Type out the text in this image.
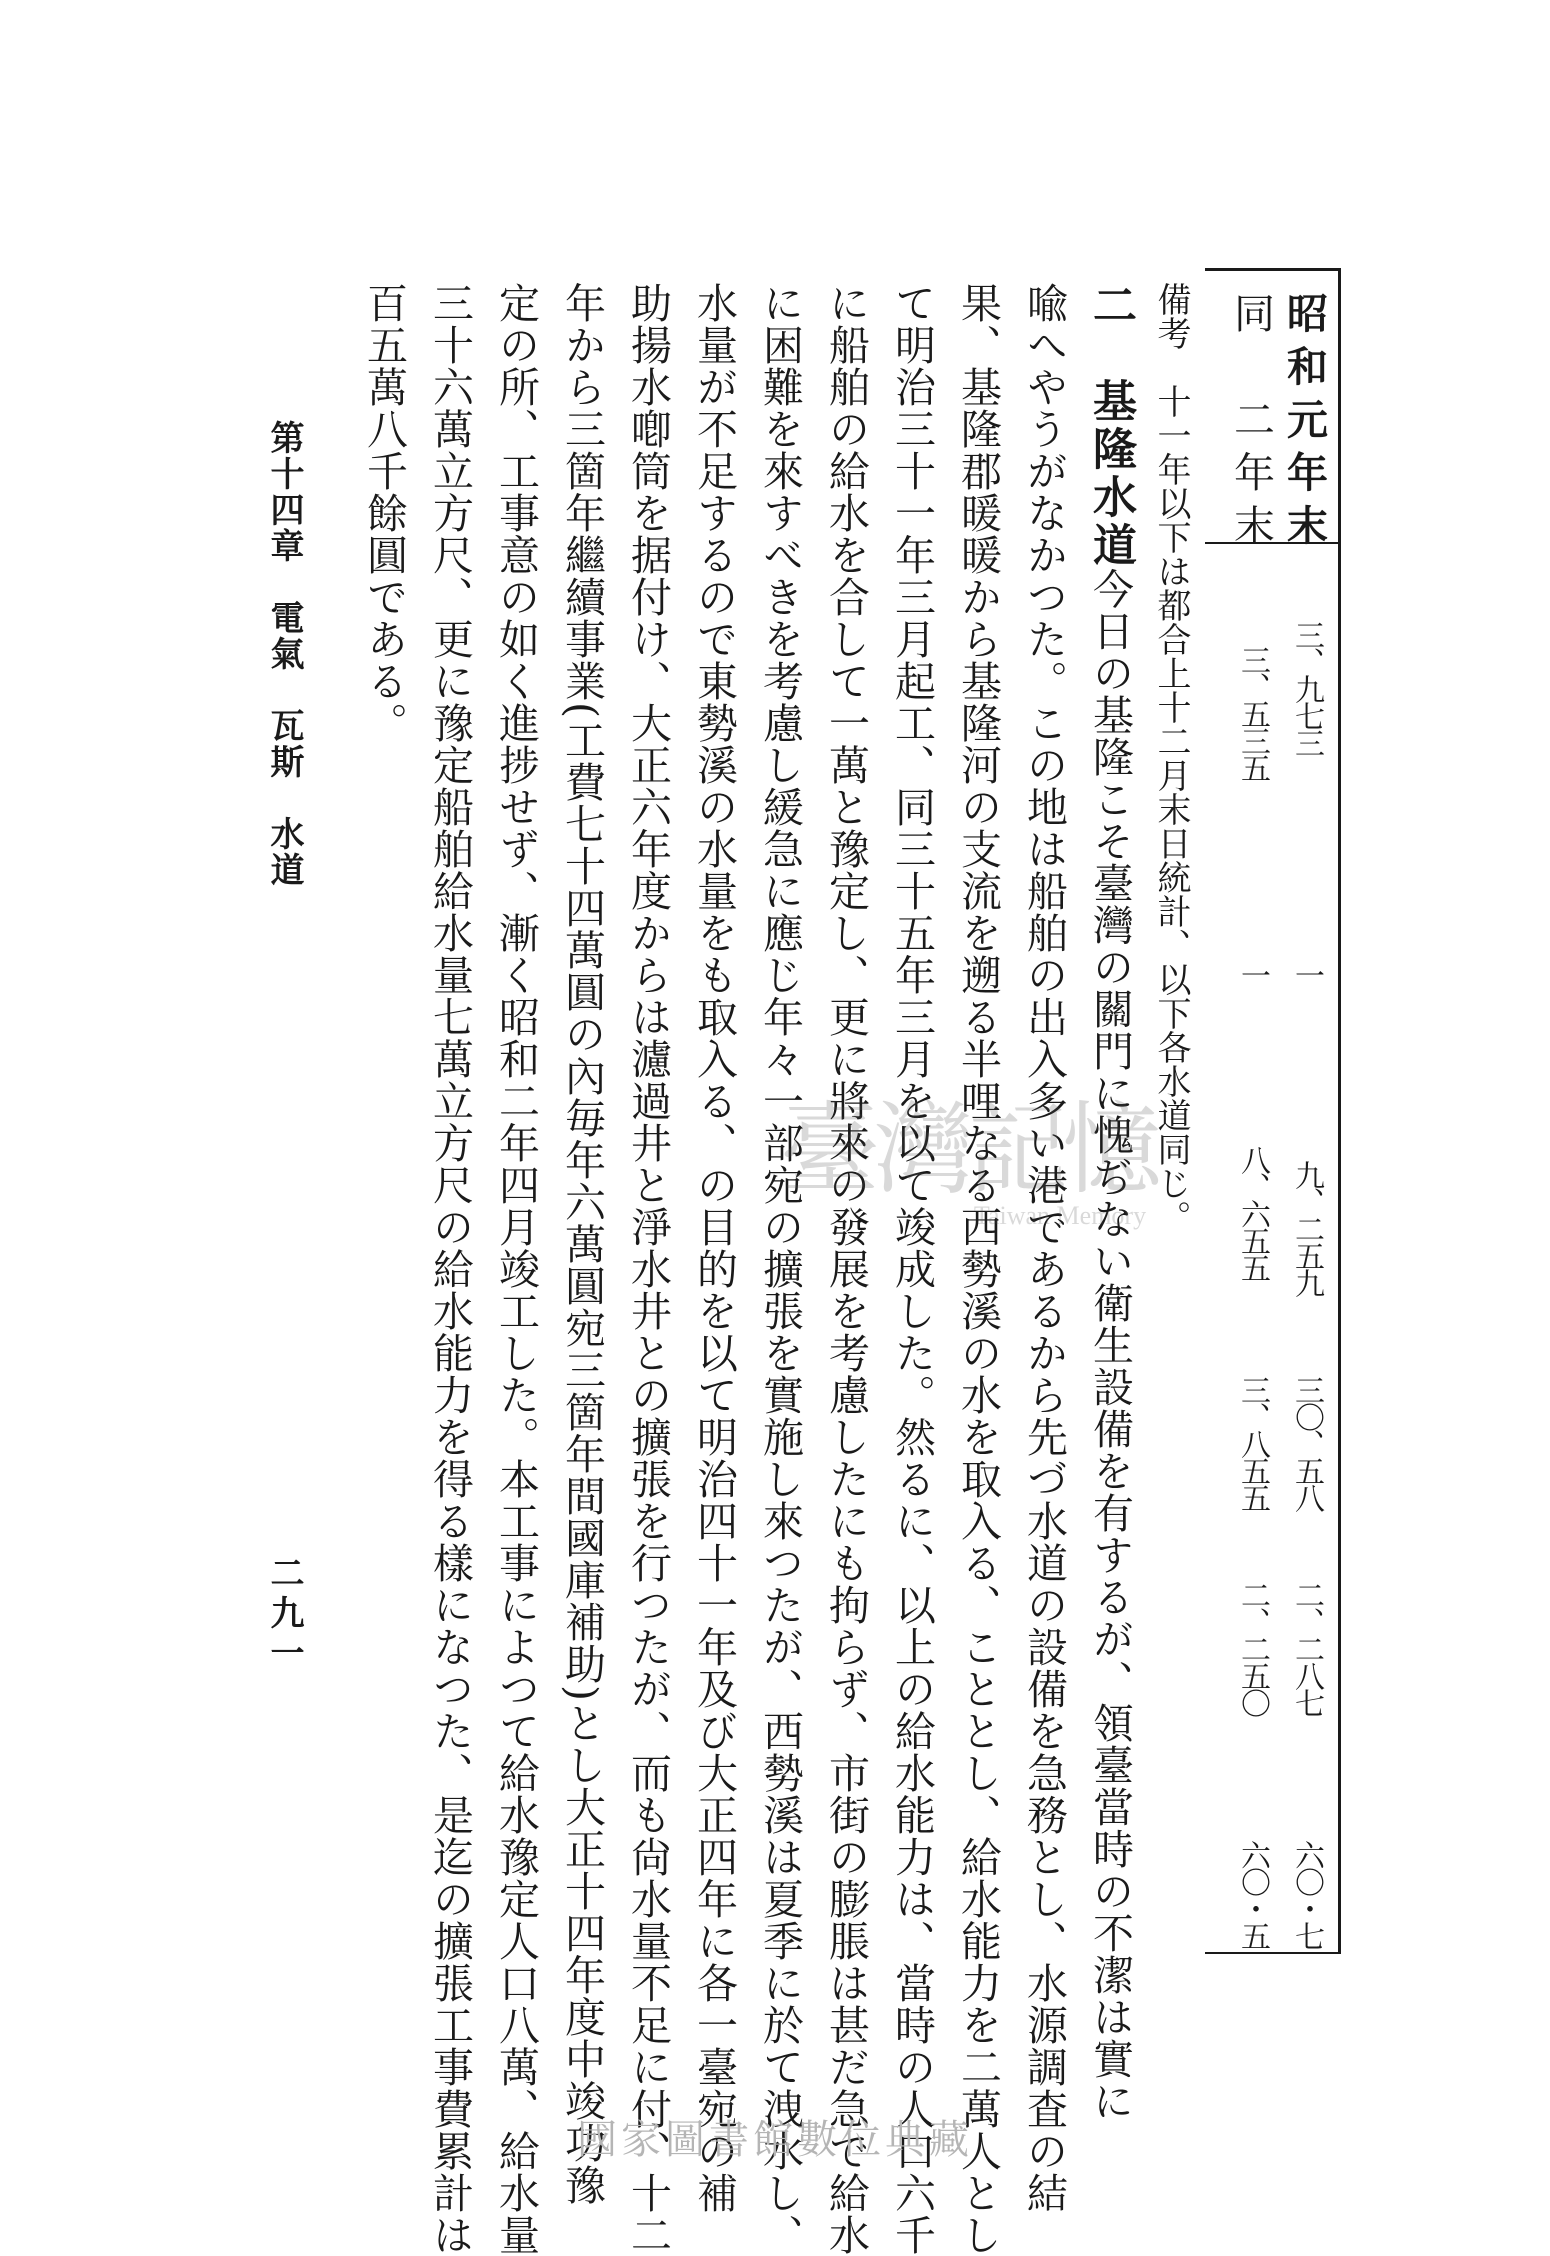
昭和元年末
同　二年末
三、九七三
三、五三五
一
一
九、二五九
八、六五五
三〇、五八
三、八五五
二、二八七
二、二五〇
六〇・七
六〇・五
備考　十一年以下は都合上十二月末日統計、以下各水道同じ。
二　基隆水道
今日の基隆こそ臺灣の關門に愧ぢない衛生設備を有するが、領臺當時の不潔は實に
喩へやうがなかつた。この地は船舶の出入多い港であるから先づ水道の設備を急務とし、水源調査の結
果、基隆郡暖暖から基隆河の支流を遡る半哩なる西勢溪の水を取入る、こととし、給水能力を二萬人とし
て明治三十一年三月起工、同三十五年三月を以て竣成した。然るに、以上の給水能力は、當時の人口六千
に船舶の給水を合して一萬と豫定し、更に將來の發展を考慮したにも拘らず、市街の膨脹は甚だ急で給水
に困難を來すべきを考慮し緩急に應じ年々一部宛の擴張を實施し來つたが、西勢溪は夏季に於て洩水し、
水量が不足するので東勢溪の水量をも取入る、の目的を以て明治四十一年及び大正四年に各一臺宛の補
助揚水喞筒を据付け、大正六年度からは濾過井と淨水井との擴張を行つたが、而も尙水量不足に付、十二
年から三箇年繼續事業(工費七十四萬圓の內毎年六萬圓宛三箇年間國庫補助)とし大正十四年度中竣功豫
定の所、工事意の如く進捗せず、漸く昭和二年四月竣工した。本工事によつて給水豫定人口八萬、給水量
三十六萬立方尺、更に豫定船舶給水量七萬立方尺の給水能力を得る樣になつた、是迄の擴張工事費累計は
百五萬八千餘圓である。
第十四章　電氣　瓦斯　水道
二九一
臺灣記憶
Taiwan Memory
國家圖書館數位典藏
